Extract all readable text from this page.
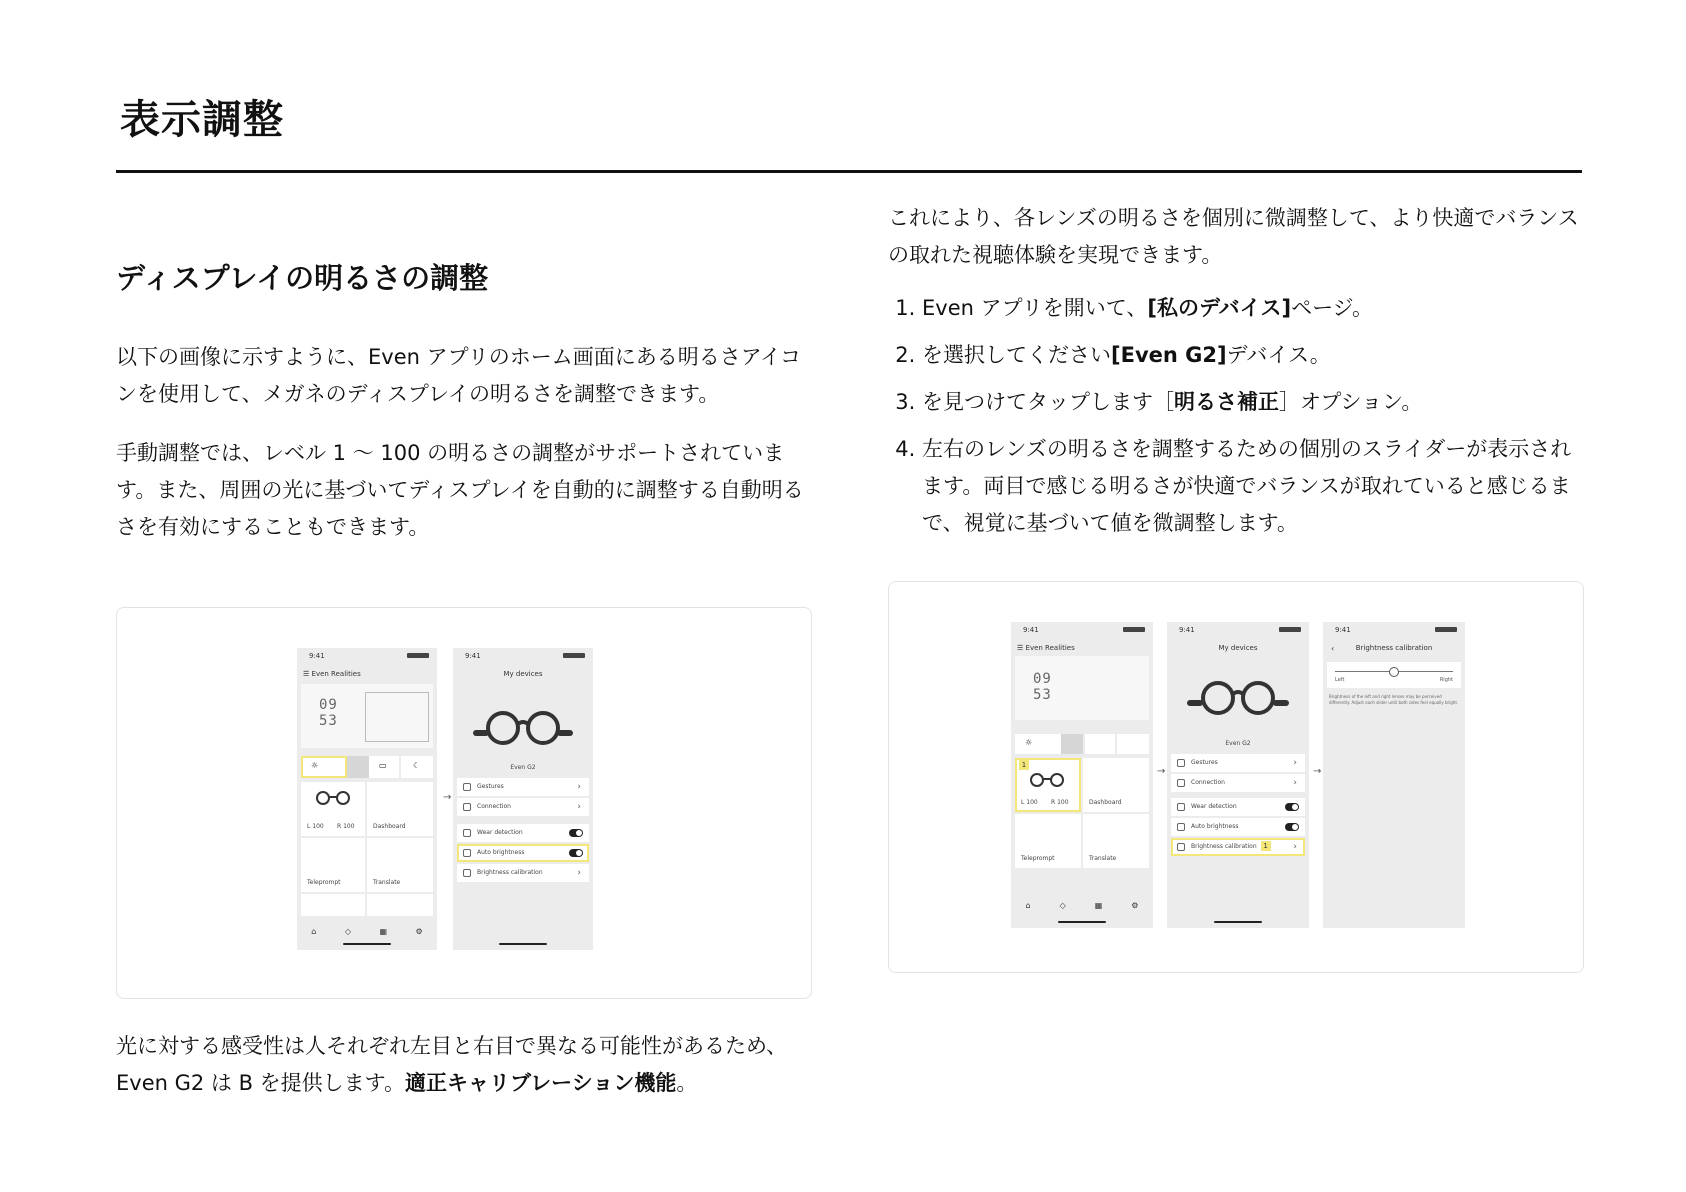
表示調整
ディスプレイの明るさの調整

以下の画像に示すように、Even アプリのホーム画面にある明るさアイコンを使用して、メガネのディスプレイの明るさを調整できます。

手動調整では、レベル 1 〜 100 の明るさの調整がサポートされています。また、周囲の光に基づいてディスプレイを自動的に調整する自動明るさを有効にすることもできます。

9:41
☰ Even Realities
09
53
☼	▭	☾
L 100 R 100	Dashboard
Teleprompt	Translate
⌂	◇	▦	⚙
→
9:41
My devices
Even G2
Gestures	›
Connection	›
Wear detection
Auto brightness
Brightness calibration	›

光に対する感受性は人それぞれ左目と右目で異なる可能性があるため、Even G2 は B を提供します。適正キャリブレーション機能。

これにより、各レンズの明るさを個別に微調整して、より快適でバランスの取れた視聴体験を実現できます。

1. Even アプリを開いて、[私のデバイス]ページ。
2. を選択してください[Even G2]デバイス。
3. を見つけてタップします［明るさ補正］オプション。
4. 左右のレンズの明るさを調整するための個別のスライダーが表示されます。両目で感じる明るさが快適でバランスが取れていると感じるまで、視覚に基づいて値を微調整します。
9:41
☰ Even Realities
09
53
☼
1
L 100 R 100	Dashboard
Teleprompt	Translate
⌂	◇	▦	⚙
→
9:41
My devices
Even G2
Gestures	›
Connection	›
Wear detection
Auto brightness
Brightness calibration 1	›
→
9:41
‹	Brightness calibration
Left	Right
Brightness of the left and right lenses may be perceived differently. Adjust each slider until both sides feel equally bright.
